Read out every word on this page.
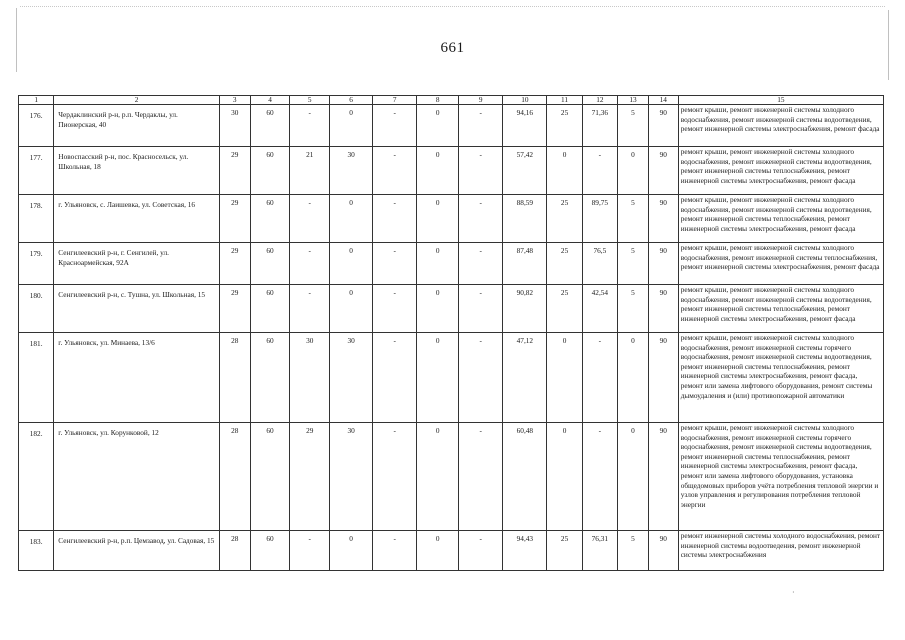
661
1	2	3	4	5	6	7	8	9	10	11	12	13	14	15
176.	Чердаклинский р-н, р.п. Чердаклы, ул. Пионерская, 40	30	60	-	0	-	0	-	94,16	25	71,36	5	90	ремонт крыши, ремонт инженерной системы холодного водоснабжения, ремонт инженерной системы водоотведения, ремонт инженерной системы электроснабжения, ремонт фасада
177.	Новоспасский р-н, пос. Красносельск, ул. Школьная, 18	29	60	21	30	-	0	-	57,42	0	-	0	90	ремонт крыши, ремонт инженерной системы холодного водоснабжения, ремонт инженерной системы водоотведения, ремонт инженерной системы теплоснабжения, ремонт инженерной системы электроснабжения, ремонт фасада
178.	г. Ульяновск, с. Лаишевка, ул. Советская, 16	29	60	-	0	-	0	-	88,59	25	89,75	5	90	ремонт крыши, ремонт инженерной системы холодного водоснабжения, ремонт инженерной системы водоотведения, ремонт инженерной системы теплоснабжения, ремонт инженерной системы электроснабжения, ремонт фасада
179.	Сенгилеевский р-н, г. Сенгилей, ул. Красноармейская, 92А	29	60	-	0	-	0	-	87,48	25	76,5	5	90	ремонт крыши, ремонт инженерной системы холодного водоснабжения, ремонт инженерной системы теплоснабжения, ремонт инженерной системы электроснабжения, ремонт фасада
180.	Сенгилеевский р-н, с. Тушна, ул. Школьная, 15	29	60	-	0	-	0	-	90,82	25	42,54	5	90	ремонт крыши, ремонт инженерной системы холодного водоснабжения, ремонт инженерной системы водоотведения, ремонт инженерной системы теплоснабжения, ремонт инженерной системы электроснабжения, ремонт фасада
181.	г. Ульяновск, ул. Минаева, 13/6	28	60	30	30	-	0	-	47,12	0	-	0	90	ремонт крыши, ремонт инженерной системы холодного водоснабжения, ремонт инженерной системы горячего водоснабжения, ремонт инженерной системы водоотведения, ремонт инженерной системы теплоснабжения, ремонт инженерной системы электроснабжения, ремонт фасада, ремонт или замена лифтового оборудования, ремонт системы дымоудаления и (или) противопожарной автоматики
182.	г. Ульяновск, ул. Корунковой, 12	28	60	29	30	-	0	-	60,48	0	-	0	90	ремонт крыши, ремонт инженерной системы холодного водоснабжения, ремонт инженерной системы горячего водоснабжения, ремонт инженерной системы водоотведения, ремонт инженерной системы теплоснабжения, ремонт инженерной системы электроснабжения, ремонт фасада, ремонт или замена лифтового оборудования, установка общедомовых приборов учёта потребления тепловой энергии и узлов управления и регулирования потребления тепловой энергии
183.	Сенгилеевский р-н, р.п. Цемзавод, ул. Садовая, 15	28	60	-	0	-	0	-	94,43	25	76,31	5	90	ремонт инженерной системы холодного водоснабжения, ремонт инженерной системы водоотведения, ремонт инженерной системы электроснабжения
·
